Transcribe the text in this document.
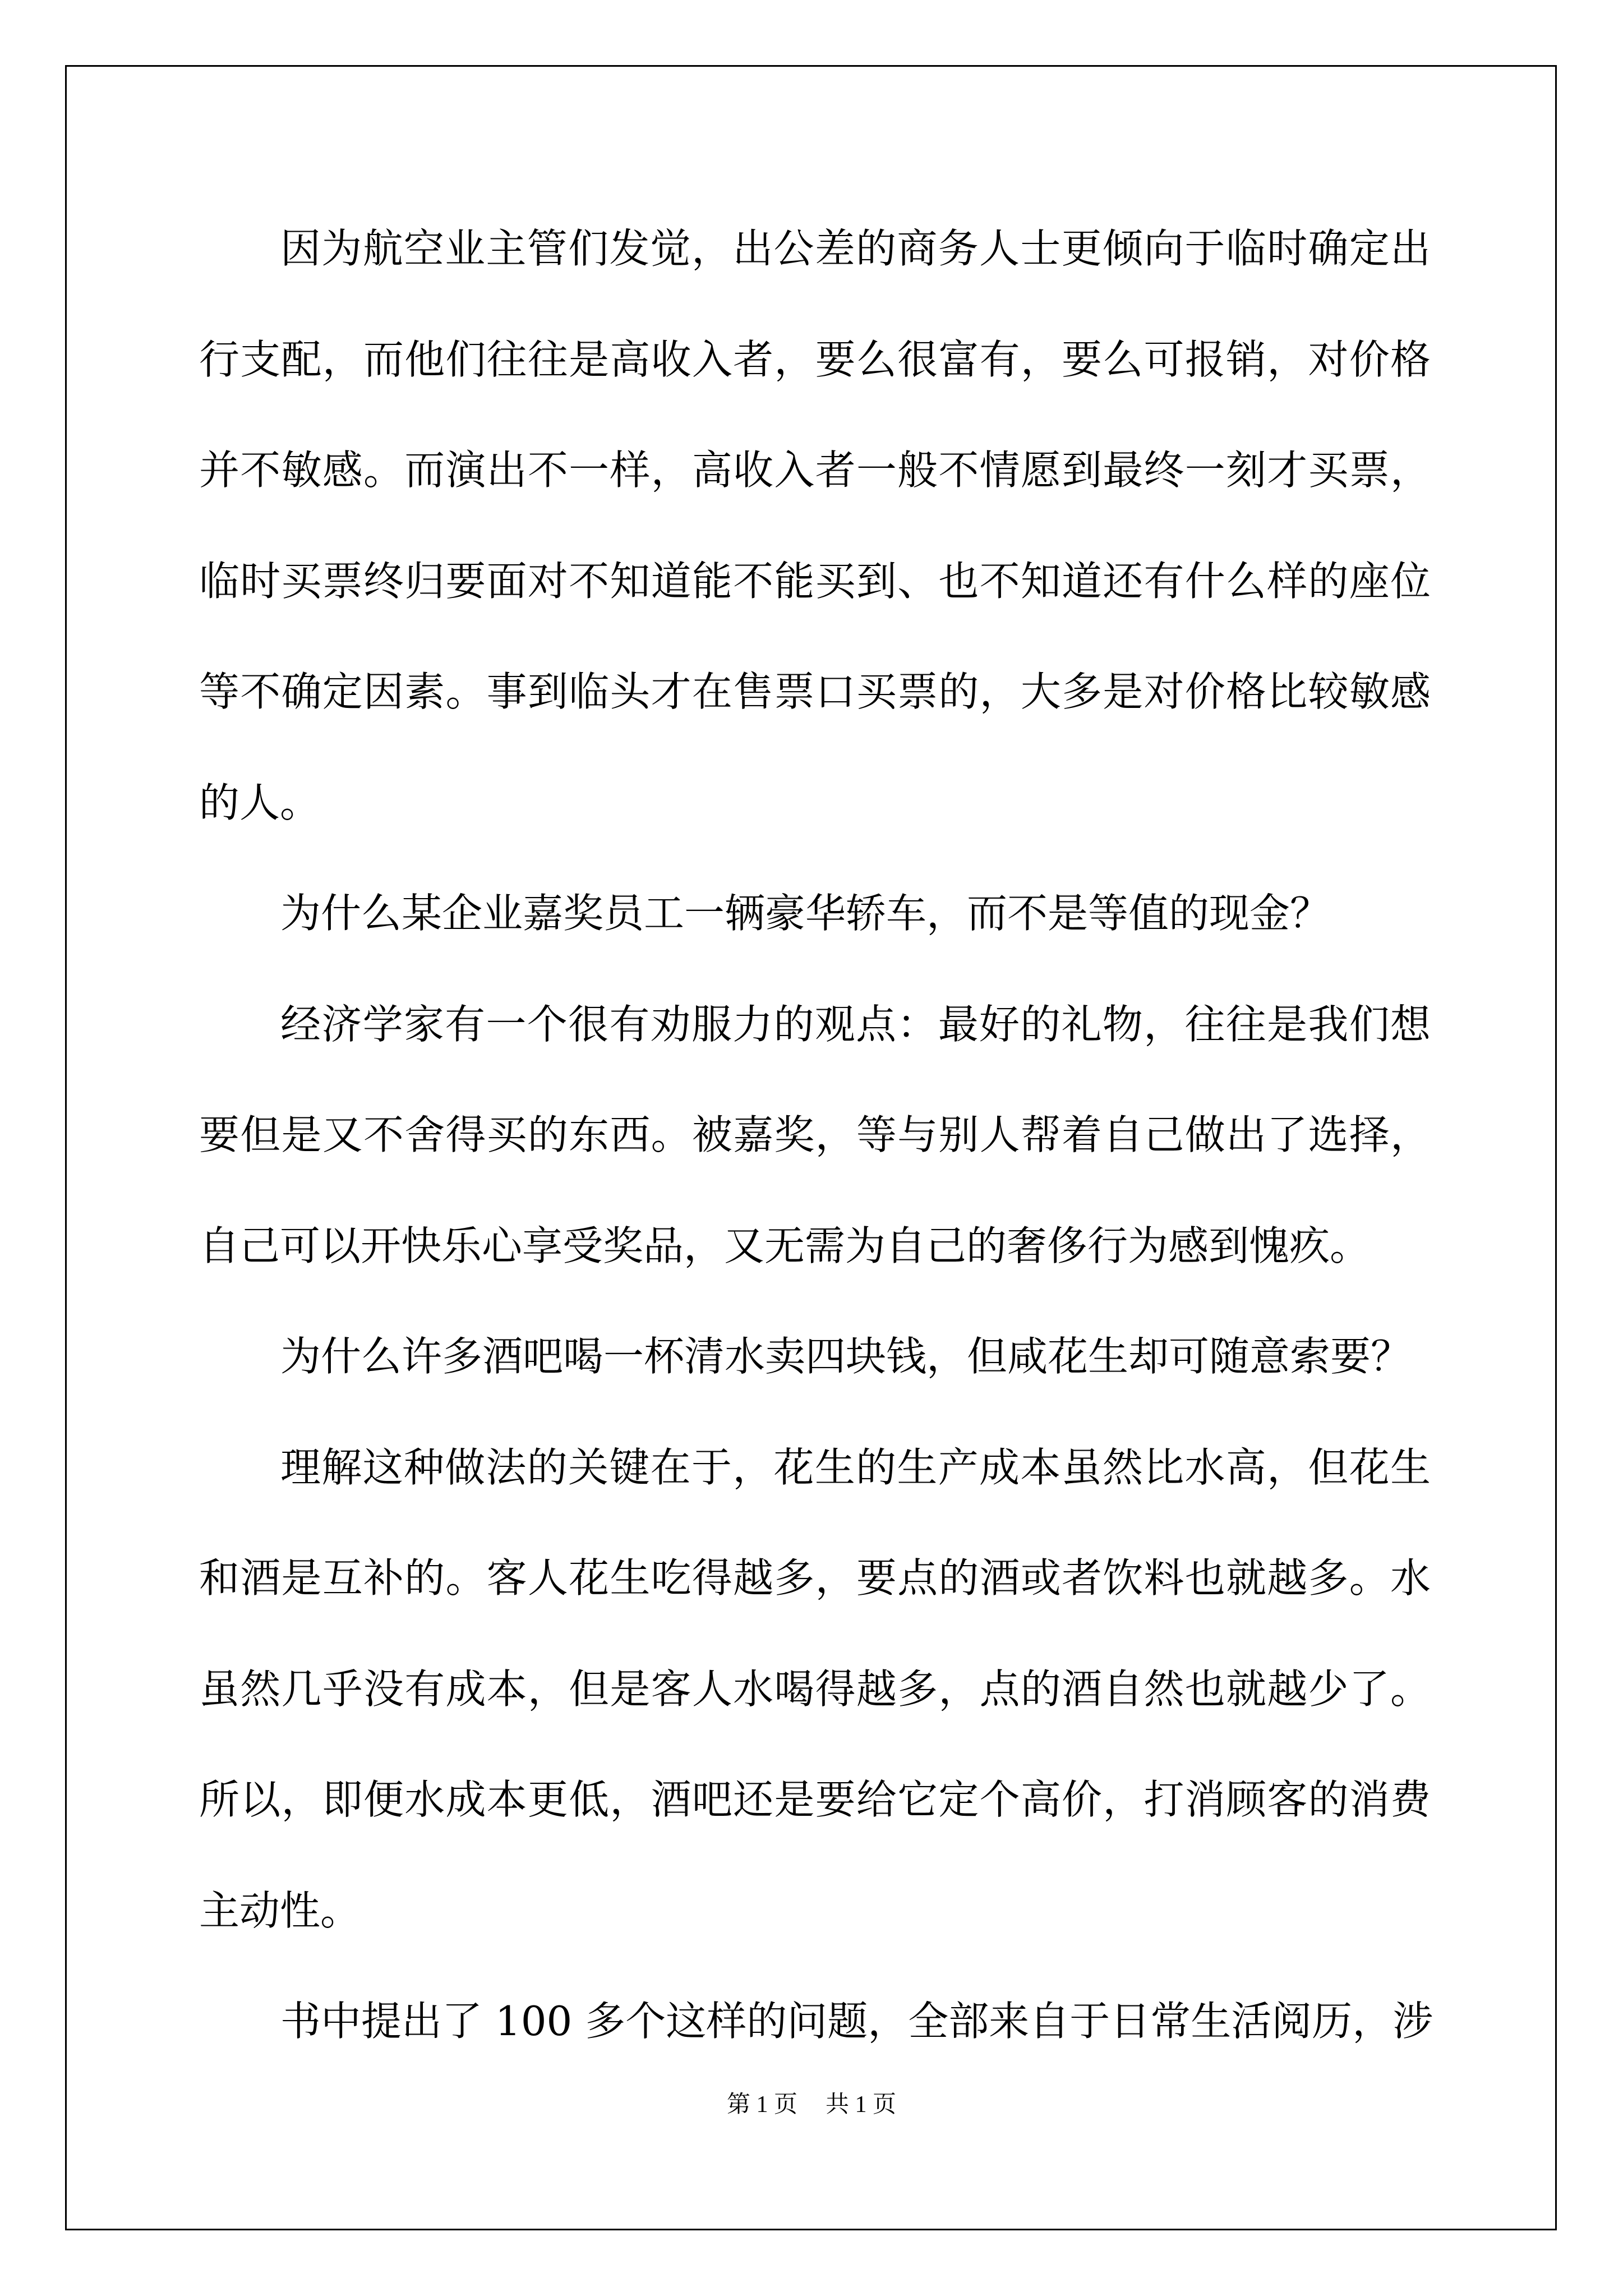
因为航空业主管们发觉，出公差的商务人士更倾向于临时确定出
行支配，而他们往往是高收入者，要么很富有，要么可报销，对价格
并不敏感。而演出不一样，高收入者一般不情愿到最终一刻才买票，
临时买票终归要面对不知道能不能买到、也不知道还有什么样的座位
等不确定因素。事到临头才在售票口买票的，大多是对价格比较敏感
的人。
为什么某企业嘉奖员工一辆豪华轿车，而不是等值的现金？
经济学家有一个很有劝服力的观点：最好的礼物，往往是我们想
要但是又不舍得买的东西。被嘉奖，等与别人帮着自己做出了选择，
自己可以开快乐心享受奖品，又无需为自己的奢侈行为感到愧疚。
为什么许多酒吧喝一杯清水卖四块钱，但咸花生却可随意索要？
理解这种做法的关键在于，花生的生产成本虽然比水高，但花生
和酒是互补的。客人花生吃得越多，要点的酒或者饮料也就越多。水
虽然几乎没有成本，但是客人水喝得越多，点的酒自然也就越少了。
所以，即便水成本更低，酒吧还是要给它定个高价，打消顾客的消费
主动性。
书中提出了 100 多个这样的问题，全部来自于日常生活阅历，涉
第 1 页 共 1 页
